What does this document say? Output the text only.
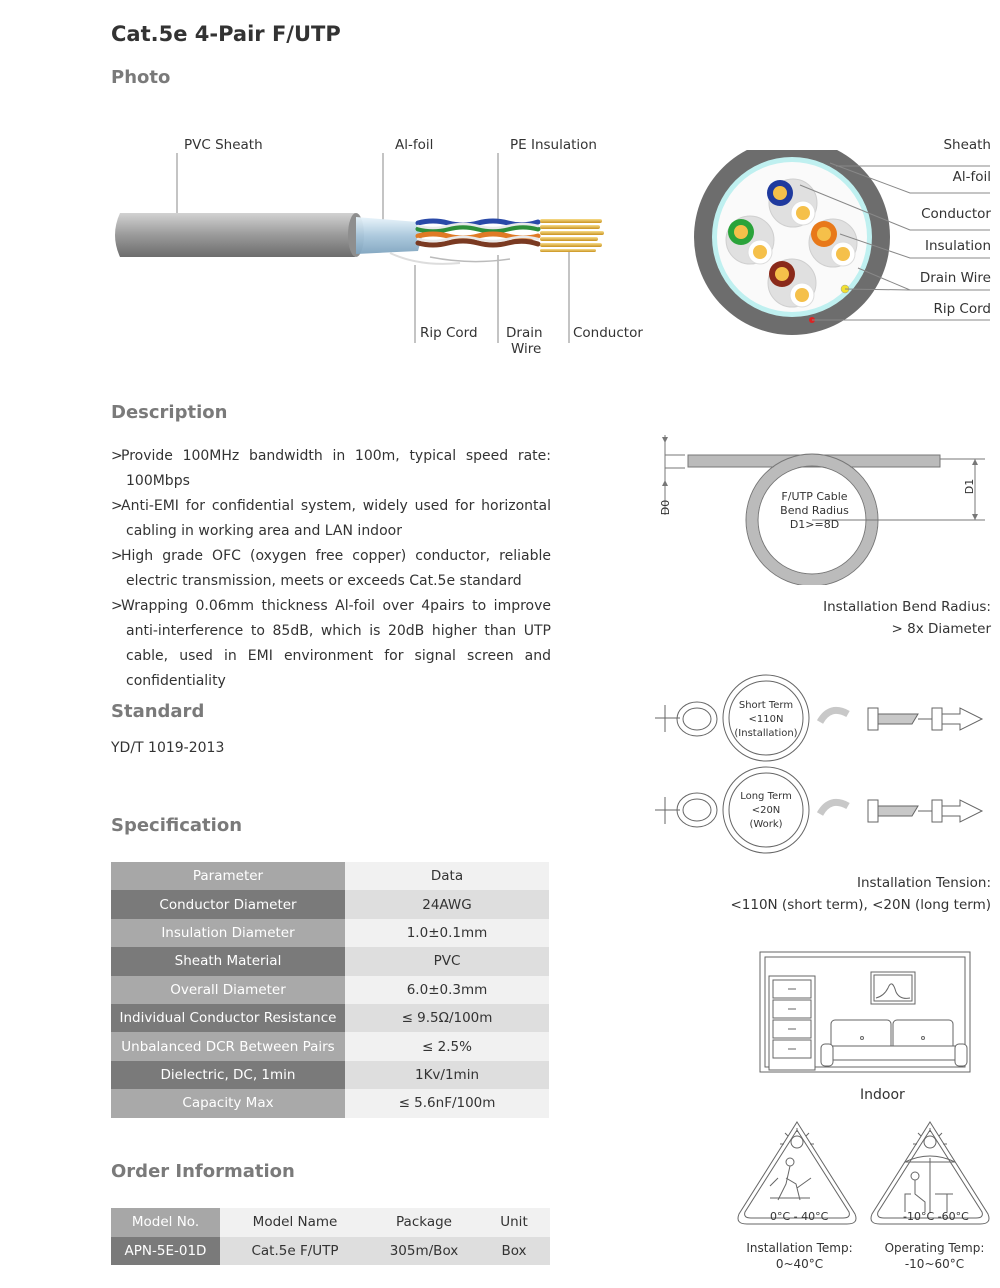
Cat.5e 4-Pair F/UTP
Photo
PVC Sheath	Al-foil	PE Insulation
Rip Cord Drain
Wire
Conductor
Sheath
Al-foil
Conductor
Insulation
Drain Wire
Rip Cord
Description
>Provide 100MHz bandwidth in 100m, typical speed rate: 100Mbps
>Anti-EMI for confidential system, widely used for horizontal cabling in working area and LAN indoor
>High grade OFC (oxygen free copper) conductor, reliable electric transmission, meets or exceeds Cat.5e standard
>Wrapping 0.06mm thickness Al-foil over 4pairs to improve anti-interference to 85dB, which is 20dB higher than UTP cable, used in EMI environment for signal screen and confidentiality
D0
D1
F/UTP Cable
Bend Radius
D1>=8D
Installation Bend Radius:
> 8x Diameter
Standard
YD/T 1019-2013
Short Term
<110N
(Installation)
Long Term
<20N
(Work)
Installation Tension:
<110N (short term), <20N (long term)
Specification
Parameter	Data
Conductor Diameter	24AWG
Insulation Diameter	1.0±0.1mm
Sheath Material	PVC
Overall Diameter	6.0±0.3mm
Individual Conductor Resistance	≤ 9.5Ω/100m
Unbalanced DCR Between Pairs	≤ 2.5%
Dielectric, DC, 1min	1Kv/1min
Capacity Max	≤ 5.6nF/100m
Indoor
Order Information
Model No.	Model Name	Package	Unit
APN-5E-01D	Cat.5e F/UTP	305m/Box	Box
0°C - 40°C	-10°C -60°C
Installation Temp:
0~40°C
Operating Temp:
-10~60°C
